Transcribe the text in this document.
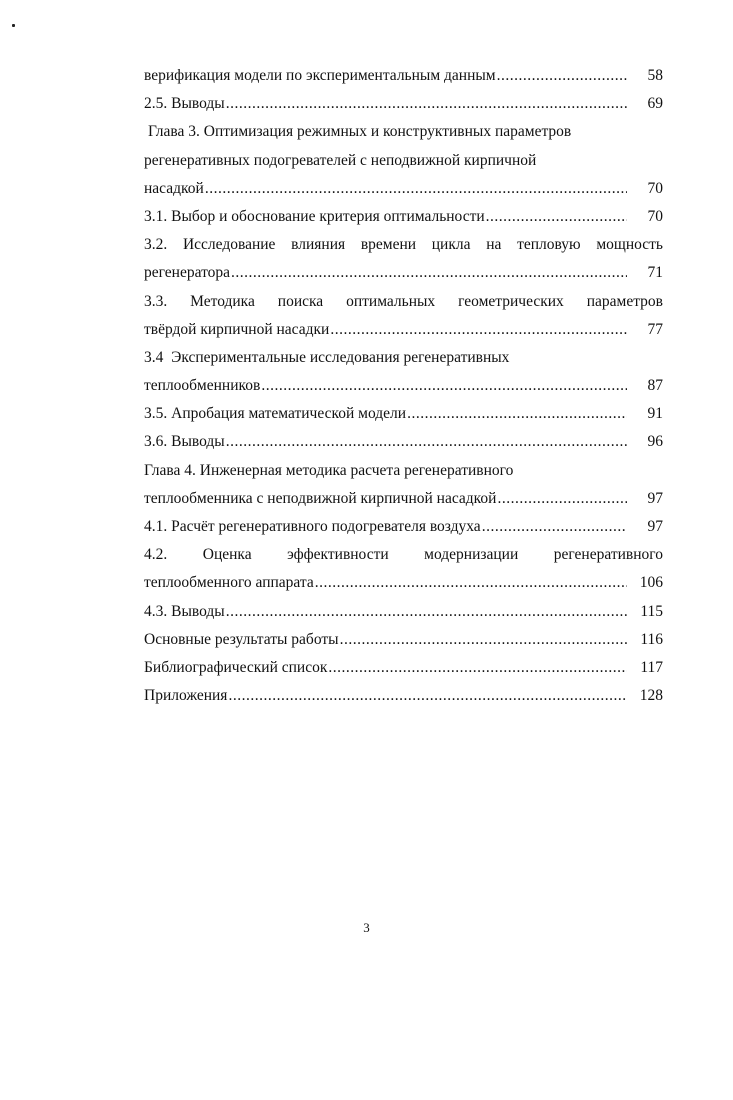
верификация модели по экспериментальным данным .....	58
2.5. Выводы .....	69
Глава 3. Оптимизация режимных и конструктивных параметров
регенеративных подогревателей с неподвижной кирпичной
насадкой .....	70
3.1. Выбор и обоснование критерия оптимальности .....	70
3.2. Исследование влияния времени цикла на тепловую мощность
регенератора .....	71
3.3. Методика поиска оптимальных геометрических параметров
твёрдой кирпичной насадки .....	77
3.4  Экспериментальные исследования регенеративных
теплообменников .....	87
3.5. Апробация математической модели .....	91
3.6. Выводы .....	96
Глава 4. Инженерная методика расчета регенеративного
теплообменника с неподвижной кирпичной насадкой .....	97
4.1. Расчёт регенеративного подогревателя воздуха .....	97
4.2. Оценка эффективности модернизации регенеративного
теплообменного аппарата .....	106
4.3. Выводы .....	115
Основные результаты работы .....	116
Библиографический список .....	117
Приложения .....	128
3
